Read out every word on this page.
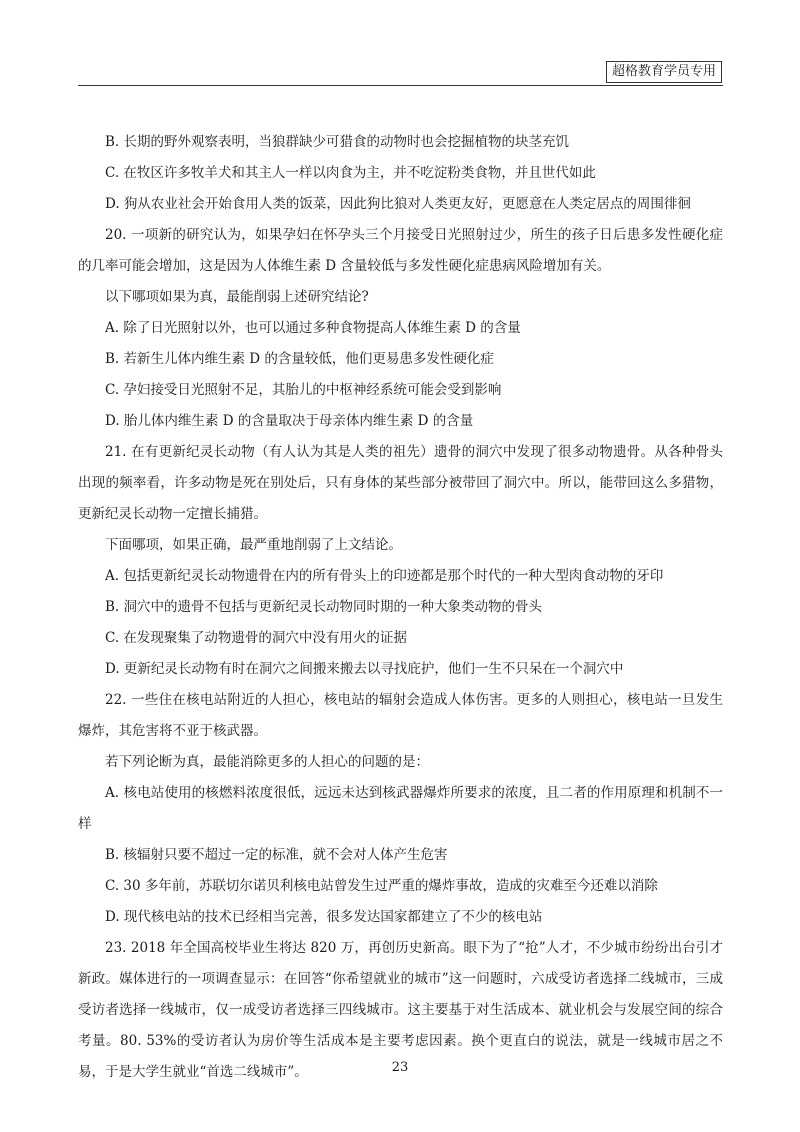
超格教育学员专用

B. 长期的野外观察表明，当狼群缺少可猎食的动物时也会挖掘植物的块茎充饥

C. 在牧区许多牧羊犬和其主人一样以肉食为主，并不吃淀粉类食物，并且世代如此

D. 狗从农业社会开始食用人类的饭菜，因此狗比狼对人类更友好，更愿意在人类定居点的周围徘徊

20. 一项新的研究认为，如果孕妇在怀孕头三个月接受日光照射过少，所生的孩子日后患多发性硬化症的几率可能会增加，这是因为人体维生素 D 含量较低与多发性硬化症患病风险增加有关。

以下哪项如果为真，最能削弱上述研究结论?

A. 除了日光照射以外，也可以通过多种食物提高人体维生素 D 的含量

B. 若新生儿体内维生素 D 的含量较低，他们更易患多发性硬化症

C. 孕妇接受日光照射不足，其胎儿的中枢神经系统可能会受到影响

D. 胎儿体内维生素 D 的含量取决于母亲体内维生素 D 的含量

21. 在有更新纪灵长动物（有人认为其是人类的祖先）遗骨的洞穴中发现了很多动物遗骨。从各种骨头出现的频率看，许多动物是死在别处后，只有身体的某些部分被带回了洞穴中。所以，能带回这么多猎物，更新纪灵长动物一定擅长捕猎。

下面哪项，如果正确，最严重地削弱了上文结论。

A. 包括更新纪灵长动物遗骨在内的所有骨头上的印迹都是那个时代的一种大型肉食动物的牙印

B. 洞穴中的遗骨不包括与更新纪灵长动物同时期的一种大象类动物的骨头

C. 在发现聚集了动物遗骨的洞穴中没有用火的证据

D. 更新纪灵长动物有时在洞穴之间搬来搬去以寻找庇护，他们一生不只呆在一个洞穴中

22. 一些住在核电站附近的人担心，核电站的辐射会造成人体伤害。更多的人则担心，核电站一旦发生爆炸，其危害将不亚于核武器。

若下列论断为真，最能消除更多的人担心的问题的是：

A. 核电站使用的核燃料浓度很低，远远未达到核武器爆炸所要求的浓度，且二者的作用原理和机制不一样

B. 核辐射只要不超过一定的标准，就不会对人体产生危害

C. 30 多年前，苏联切尔诺贝利核电站曾发生过严重的爆炸事故，造成的灾难至今还难以消除

D. 现代核电站的技术已经相当完善，很多发达国家都建立了不少的核电站

23. 2018 年全国高校毕业生将达 820 万，再创历史新高。眼下为了“抢”人才，不少城市纷纷出台引才新政。媒体进行的一项调查显示：在回答“你希望就业的城市”这一问题时，六成受访者选择二线城市，三成受访者选择一线城市，仅一成受访者选择三四线城市。这主要基于对生活成本、就业机会与发展空间的综合考量。80. 53%的受访者认为房价等生活成本是主要考虑因素。换个更直白的说法，就是一线城市居之不易，于是大学生就业“首选二线城市”。	23
